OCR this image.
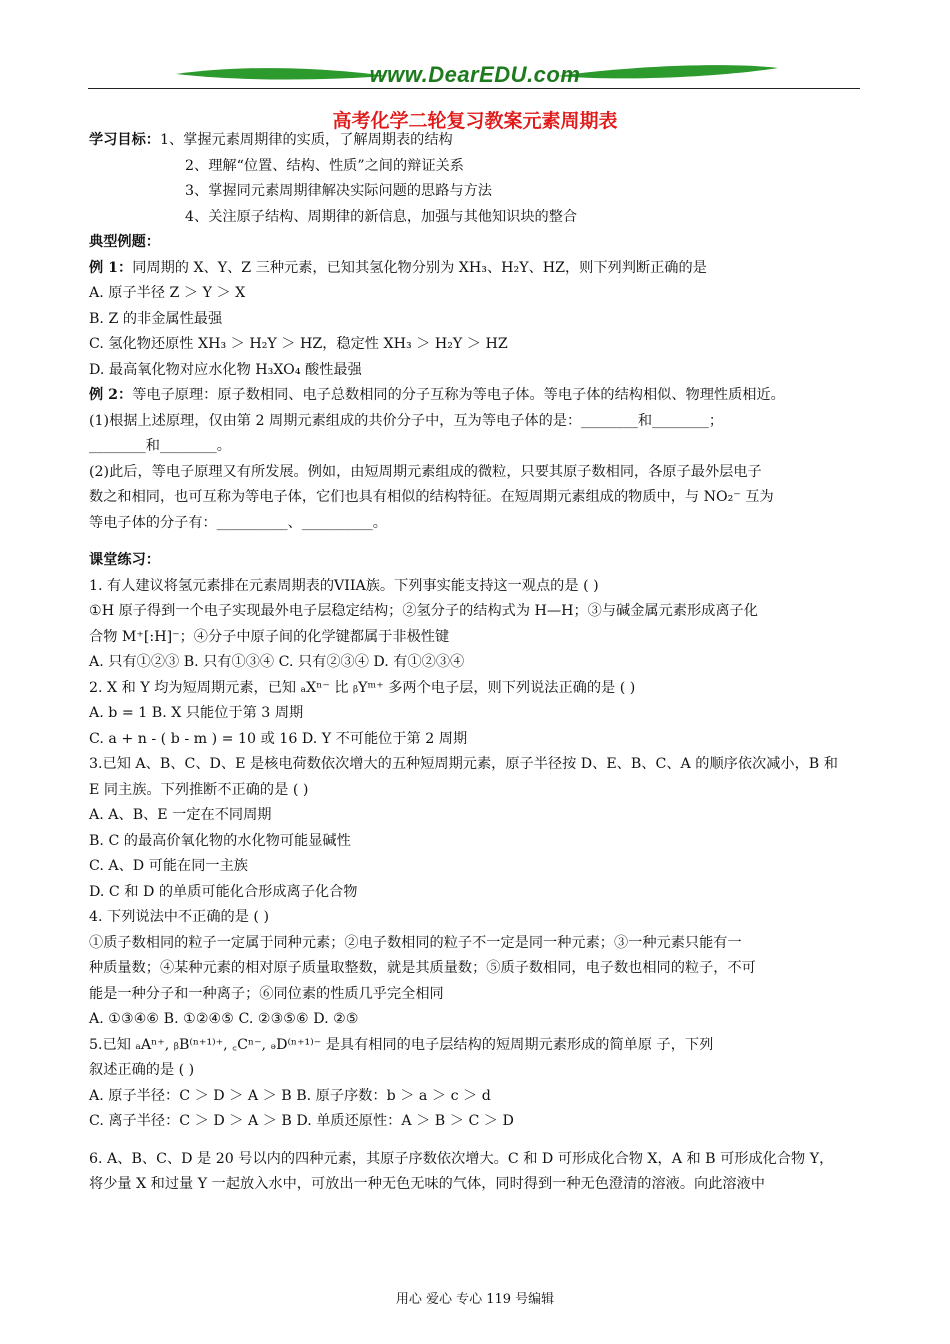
www.DearEDU.com
高考化学二轮复习教案元素周期表
学习目标：1、掌握元素周期律的实质，了解周期表的结构
2、理解“位置、结构、性质”之间的辩证关系
3、掌握同元素周期律解决实际问题的思路与方法
4、关注原子结构、周期律的新信息，加强与其他知识块的整合
典型例题：
例 1：同周期的 X、Y、Z 三种元素，已知其氢化物分别为 XH₃、H₂Y、HZ，则下列判断正确的是
A. 原子半径 Z ＞ Y ＞ X
B. Z 的非金属性最强
C. 氢化物还原性 XH₃ ＞ H₂Y ＞ HZ，稳定性 XH₃ ＞ H₂Y ＞ HZ
D. 最高氧化物对应水化物 H₃XO₄ 酸性最强
例 2：等电子原理：原子数相同、电子总数相同的分子互称为等电子体。等电子体的结构相似、物理性质相近。
(1)根据上述原理，仅由第 2 周期元素组成的共价分子中，互为等电子体的是：________和________；
________和________。
(2)此后，等电子原理又有所发展。例如，由短周期元素组成的微粒，只要其原子数相同，各原子最外层电子
数之和相同，也可互称为等电子体，它们也具有相似的结构特征。在短周期元素组成的物质中，与 NO₂⁻ 互为
等电子体的分子有：__________、__________。
课堂练习：
1. 有人建议将氢元素排在元素周期表的VIIA族。下列事实能支持这一观点的是 ( )
①H 原子得到一个电子实现最外电子层稳定结构；②氢分子的结构式为 H—H；③与碱金属元素形成离子化
合物 M⁺[:H]⁻；④分子中原子间的化学键都属于非极性键
A. 只有①②③ B. 只有①③④ C. 只有②③④ D. 有①②③④
2. X 和 Y 均为短周期元素，已知 ₐXⁿ⁻ 比 ᵦYᵐ⁺ 多两个电子层，则下列说法正确的是 ( )
A. b = 1 B. X 只能位于第 3 周期
C. a + n - ( b - m ) = 10 或 16 D. Y 不可能位于第 2 周期
3.已知 A、B、C、D、E 是核电荷数依次增大的五种短周期元素，原子半径按 D、E、B、C、A 的顺序依次减小，B 和
E 同主族。下列推断不正确的是 ( )
A. A、B、E 一定在不同周期
B. C 的最高价氧化物的水化物可能显碱性
C. A、D 可能在同一主族
D. C 和 D 的单质可能化合形成离子化合物
4. 下列说法中不正确的是 ( )
①质子数相同的粒子一定属于同种元素；②电子数相同的粒子不一定是同一种元素；③一种元素只能有一
种质量数；④某种元素的相对原子质量取整数，就是其质量数；⑤质子数相同，电子数也相同的粒子，不可
能是一种分子和一种离子；⑥同位素的性质几乎完全相同
A. ①③④⑥ B. ①②④⑤ C. ②③⑤⑥ D. ②⑤
5.已知 ₐAⁿ⁺, ᵦB⁽ⁿ⁺¹⁾⁺, ꜀Cⁿ⁻, ₔD⁽ⁿ⁺¹⁾⁻ 是具有相同的电子层结构的短周期元素形成的简单原 子，下列
叙述正确的是 ( )
A. 原子半径：C ＞ D ＞ A ＞ B B. 原子序数：b ＞ a ＞ c ＞ d
C. 离子半径：C ＞ D ＞ A ＞ B D. 单质还原性：A ＞ B ＞ C ＞ D
6. A、B、C、D 是 20 号以内的四种元素，其原子序数依次增大。C 和 D 可形成化合物 X，A 和 B 可形成化合物 Y，
将少量 X 和过量 Y 一起放入水中，可放出一种无色无味的气体，同时得到一种无色澄清的溶液。向此溶液中
用心 爱心 专心 119 号编辑
